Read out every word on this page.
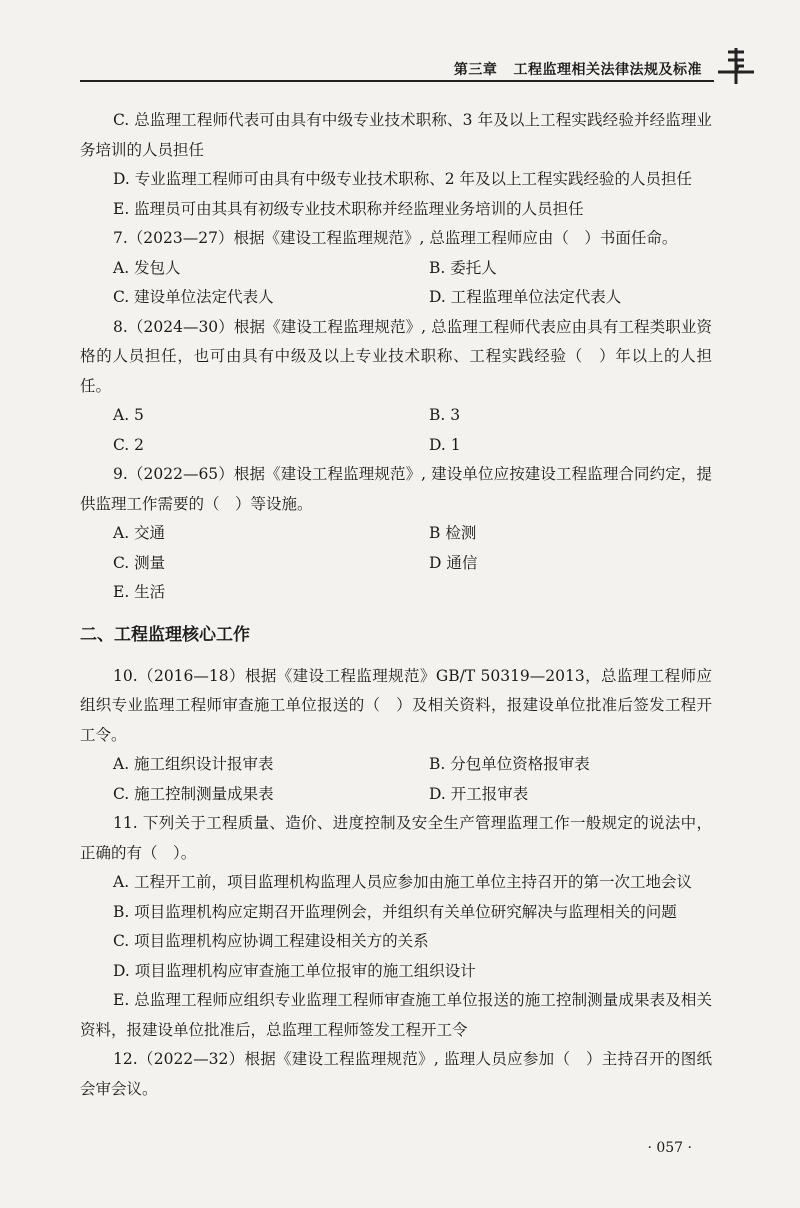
第三章 工程监理相关法律法规及标准

C. 总监理工程师代表可由具有中级专业技术职称、3 年及以上工程实践经验并经监理业务培训的人员担任

D. 专业监理工程师可由具有中级专业技术职称、2 年及以上工程实践经验的人员担任

E. 监理员可由其具有初级专业技术职称并经监理业务培训的人员担任

7.（2023—27）根据《建设工程监理规范》, 总监理工程师应由（　）书面任命。

A. 发包人	B. 委托人
C. 建设单位法定代表人	D. 工程监理单位法定代表人

8.（2024—30）根据《建设工程监理规范》, 总监理工程师代表应由具有工程类职业资格的人员担任，也可由具有中级及以上专业技术职称、工程实践经验（　）年以上的人担任。

A. 5	B. 3
C. 2	D. 1

9.（2022—65）根据《建设工程监理规范》, 建设单位应按建设工程监理合同约定，提供监理工作需要的（　）等设施。

A. 交通	B 检测
C. 测量	D 通信
E. 生活
二、工程监理核心工作

10.（2016—18）根据《建设工程监理规范》GB/T 50319—2013，总监理工程师应组织专业监理工程师审查施工单位报送的（　）及相关资料，报建设单位批准后签发工程开工令。

A. 施工组织设计报审表	B. 分包单位资格报审表
C. 施工控制测量成果表	D. 开工报审表

11. 下列关于工程质量、造价、进度控制及安全生产管理监理工作一般规定的说法中，正确的有（　）。

A. 工程开工前，项目监理机构监理人员应参加由施工单位主持召开的第一次工地会议

B. 项目监理机构应定期召开监理例会，并组织有关单位研究解决与监理相关的问题

C. 项目监理机构应协调工程建设相关方的关系

D. 项目监理机构应审查施工单位报审的施工组织设计

E. 总监理工程师应组织专业监理工程师审查施工单位报送的施工控制测量成果表及相关资料，报建设单位批准后，总监理工程师签发工程开工令

12.（2022—32）根据《建设工程监理规范》, 监理人员应参加（　）主持召开的图纸会审会议。

· 057 ·
